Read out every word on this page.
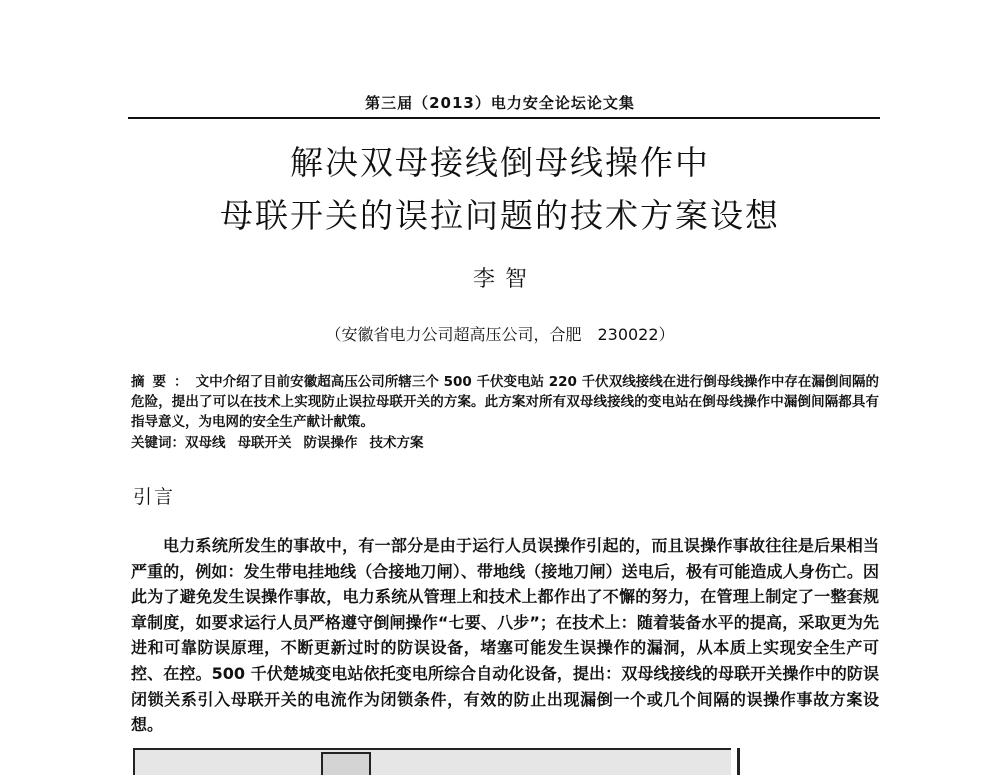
第三届（2013）电力安全论坛论文集
解决双母接线倒母线操作中
母联开关的误拉问题的技术方案设想
李智
（安徽省电力公司超高压公司，合肥　230022）
摘要：文中介绍了目前安徽超高压公司所辖三个 500 千伏变电站 220 千伏双线接线在进行倒母线操作中存在漏倒间隔的危险，提出了可以在技术上实现防止误拉母联开关的方案。此方案对所有双母线接线的变电站在倒母线操作中漏倒间隔都具有指导意义，为电网的安全生产献计献策。
关键词：双母线 母联开关 防误操作 技术方案
引言
电力系统所发生的事故中，有一部分是由于运行人员误操作引起的，而且误操作事故往往是后果相当严重的，例如：发生带电挂地线（合接地刀闸）、带地线（接地刀闸）送电后，极有可能造成人身伤亡。因此为了避免发生误操作事故，电力系统从管理上和技术上都作出了不懈的努力，在管理上制定了一整套规章制度，如要求运行人员严格遵守倒闸操作“七要、八步”；在技术上：随着装备水平的提高，采取更为先进和可靠防误原理，不断更新过时的防误设备，堵塞可能发生误操作的漏洞，从本质上实现安全生产可控、在控。500 千伏楚城变电站依托变电所综合自动化设备，提出：双母线接线的母联开关操作中的防误闭锁关系引入母联开关的电流作为闭锁条件，有效的防止出现漏倒一个或几个间隔的误操作事故方案设想。
